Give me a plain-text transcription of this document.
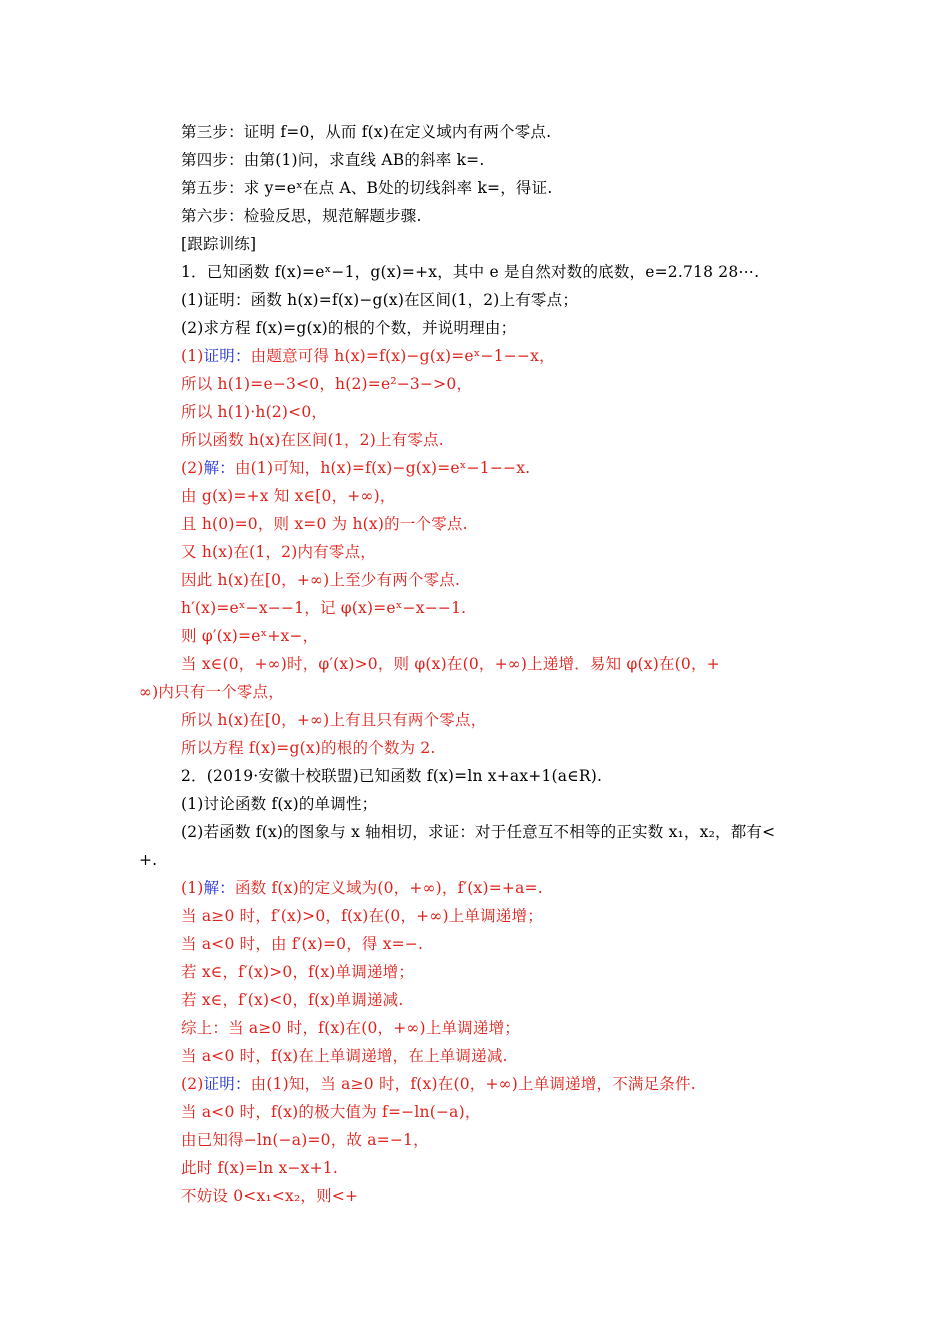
第三步：证明 f=0，从而 f(x)在定义域内有两个零点.
第四步：由第(1)问，求直线 AB的斜率 k=.
第五步：求 y=eˣ在点 A、B处的切线斜率 k=，得证.
第六步：检验反思，规范解题步骤.
[跟踪训练]
1．已知函数 f(x)=eˣ−1，g(x)=+x，其中 e 是自然对数的底数，e=2.718 28⋯.
(1)证明：函数 h(x)=f(x)−g(x)在区间(1，2)上有零点；
(2)求方程 f(x)=g(x)的根的个数，并说明理由；
(1)证明：由题意可得 h(x)=f(x)−g(x)=eˣ−1−−x，
所以 h(1)=e−3<0，h(2)=e²−3−>0，
所以 h(1)·h(2)<0，
所以函数 h(x)在区间(1，2)上有零点.
(2)解：由(1)可知，h(x)=f(x)−g(x)=eˣ−1−−x.
由 g(x)=+x 知 x∈[0，+∞)，
且 h(0)=0，则 x=0 为 h(x)的一个零点.
又 h(x)在(1，2)内有零点，
因此 h(x)在[0，+∞)上至少有两个零点.
h′(x)=eˣ−x−−1，记 φ(x)=eˣ−x−−1.
则 φ′(x)=eˣ+x−，
当 x∈(0，+∞)时，φ′(x)>0，则 φ(x)在(0，+∞)上递增．易知 φ(x)在(0，+
∞)内只有一个零点，
所以 h(x)在[0，+∞)上有且只有两个零点，
所以方程 f(x)=g(x)的根的个数为 2.
2．(2019·安徽十校联盟)已知函数 f(x)=ln x+ax+1(a∈R).
(1)讨论函数 f(x)的单调性；
(2)若函数 f(x)的图象与 x 轴相切，求证：对于任意互不相等的正实数 x₁，x₂，都有<
+.
(1)解：函数 f(x)的定义域为(0，+∞)，f′(x)=+a=.
当 a≥0 时，f′(x)>0，f(x)在(0，+∞)上单调递增；
当 a<0 时，由 f′(x)=0，得 x=−.
若 x∈，f′(x)>0，f(x)单调递增；
若 x∈，f′(x)<0，f(x)单调递减.
综上：当 a≥0 时，f(x)在(0，+∞)上单调递增；
当 a<0 时，f(x)在上单调递增，在上单调递减.
(2)证明：由(1)知，当 a≥0 时，f(x)在(0，+∞)上单调递增，不满足条件.
当 a<0 时，f(x)的极大值为 f=−ln(−a)，
由已知得−ln(−a)=0，故 a=−1，
此时 f(x)=ln x−x+1.
不妨设 0<x₁<x₂，则<+
